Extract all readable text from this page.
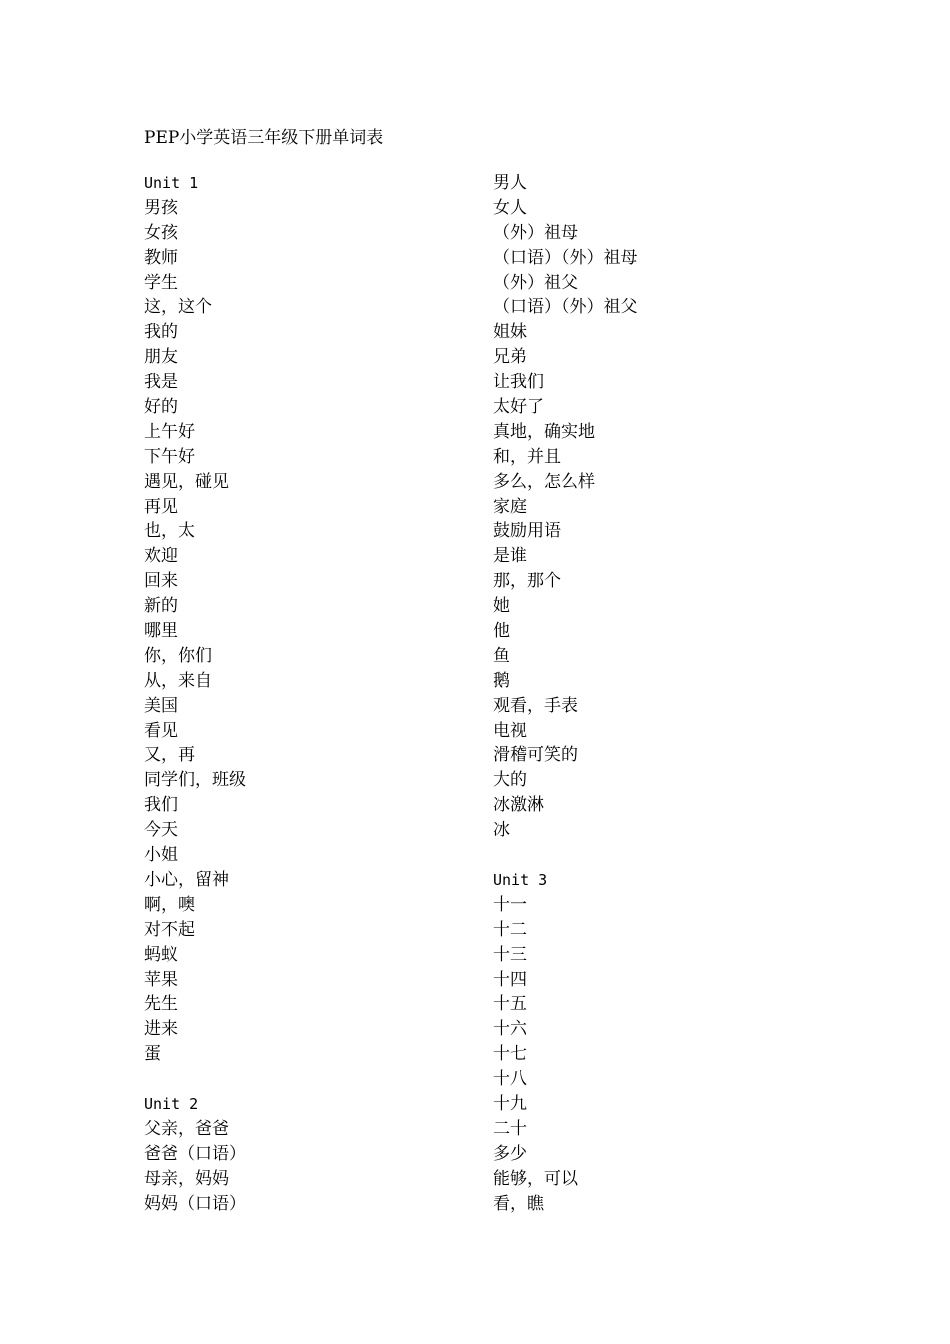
PEP小学英语三年级下册单词表
Unit 1
男孩
女孩
教师
学生
这，这个
我的
朋友
我是
好的
上午好
下午好
遇见，碰见
再见
也，太
欢迎
回来
新的
哪里
你，你们
从，来自
美国
看见
又，再
同学们，班级
我们
今天
小姐
小心，留神
啊，噢
对不起
蚂蚁
苹果
先生
进来
蛋
Unit 2
父亲，爸爸
爸爸（口语）
母亲，妈妈
妈妈（口语）
男人
女人
（外）祖母
（口语）（外）祖母
（外）祖父
（口语）（外）祖父
姐妹
兄弟
让我们
太好了
真地，确实地
和，并且
多么，怎么样
家庭
鼓励用语
是谁
那，那个
她
他
鱼
鹅
观看，手表
电视
滑稽可笑的
大的
冰激淋
冰
Unit 3
十一
十二
十三
十四
十五
十六
十七
十八
十九
二十
多少
能够，可以
看，瞧
